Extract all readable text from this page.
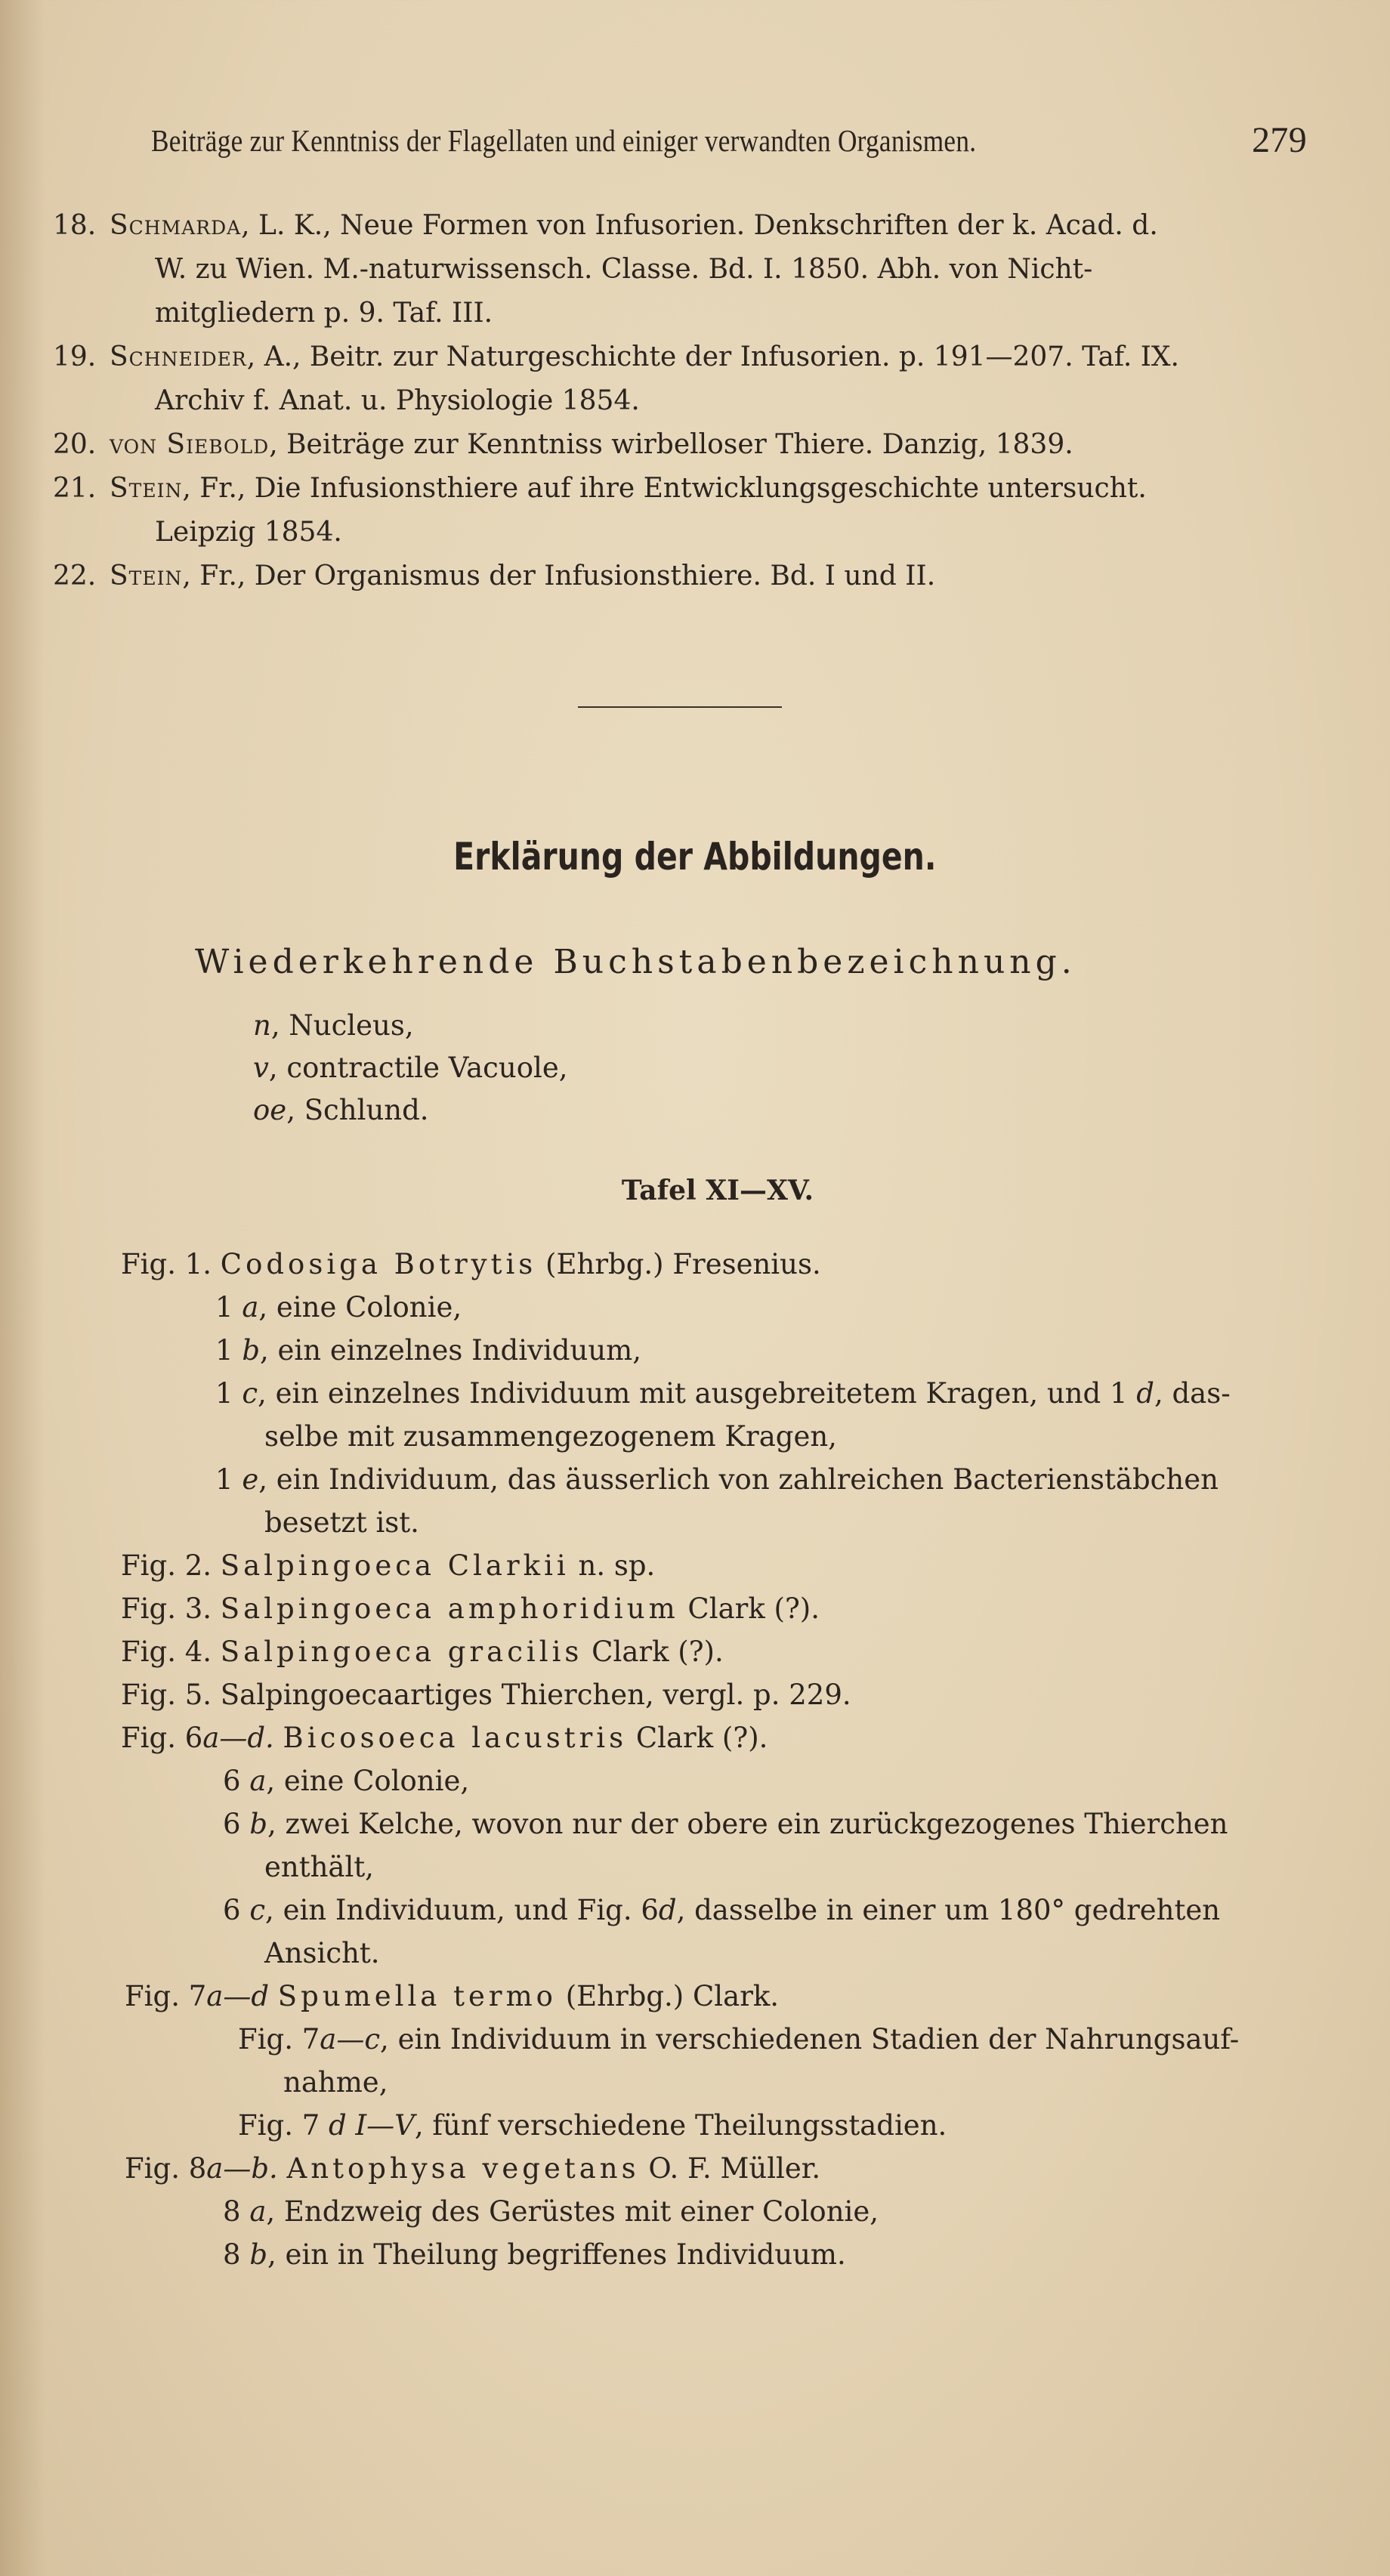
Beiträge zur Kenntniss der Flagellaten und einiger verwandten Organismen.	279
18. Schmarda, L. K., Neue Formen von Infusorien. Denkschriften der k. Acad. d.
W. zu Wien. M.-naturwissensch. Classe. Bd. I. 1850. Abh. von Nicht-
mitgliedern p. 9. Taf. III.
19. Schneider, A., Beitr. zur Naturgeschichte der Infusorien. p. 191—207. Taf. IX.
Archiv f. Anat. u. Physiologie 1854.
20. von Siebold, Beiträge zur Kenntniss wirbelloser Thiere. Danzig, 1839.
21. Stein, Fr., Die Infusionsthiere auf ihre Entwicklungsgeschichte untersucht.
Leipzig 1854.
22. Stein, Fr., Der Organismus der Infusionsthiere. Bd. I und II.
Erklärung der Abbildungen.
Wiederkehrende Buchstabenbezeichnung.
n, Nucleus,
v, contractile Vacuole,
oe, Schlund.
Tafel XI—XV.
Fig. 1. Codosiga Botrytis (Ehrbg.) Fresenius.
1 a, eine Colonie,
1 b, ein einzelnes Individuum,
1 c, ein einzelnes Individuum mit ausgebreitetem Kragen, und 1 d, das-
selbe mit zusammengezogenem Kragen,
1 e, ein Individuum, das äusserlich von zahlreichen Bacterienstäbchen
besetzt ist.
Fig. 2. Salpingoeca Clarkii n. sp.
Fig. 3. Salpingoeca amphoridium Clark (?).
Fig. 4. Salpingoeca gracilis Clark (?).
Fig. 5. Salpingoecaartiges Thierchen, vergl. p. 229.
Fig. 6a—d. Bicosoeca lacustris Clark (?).
6 a, eine Colonie,
6 b, zwei Kelche, wovon nur der obere ein zurückgezogenes Thierchen
enthält,
6 c, ein Individuum, und Fig. 6d, dasselbe in einer um 180° gedrehten
Ansicht.
Fig. 7a—d Spumella termo (Ehrbg.) Clark.
Fig. 7a—c, ein Individuum in verschiedenen Stadien der Nahrungsauf-
nahme,
Fig. 7 d I—V, fünf verschiedene Theilungsstadien.
Fig. 8a—b. Antophysa vegetans O. F. Müller.
8 a, Endzweig des Gerüstes mit einer Colonie,
8 b, ein in Theilung begriffenes Individuum.
